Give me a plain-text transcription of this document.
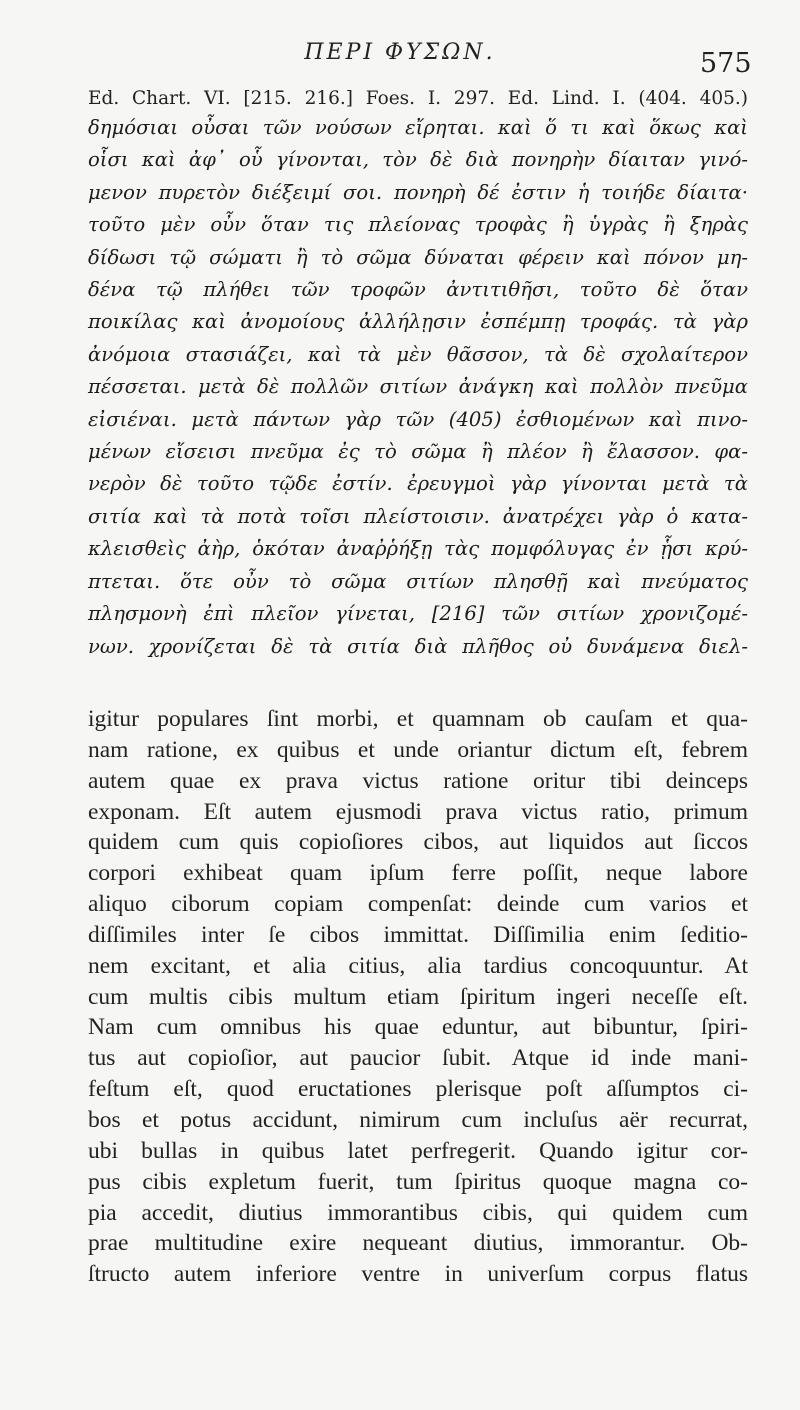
ΠΕΡΙ ΦΥΣΩΝ.	575
Ed. Chart. VI. [215. 216.] Foes. I. 297. Ed. Lind. I. (404. 405.)
δημόσιαι οὖσαι τῶν νούσων εἴρηται. καὶ ὅ τι καὶ ὅκως καὶ
οἷσι καὶ ἀφ᾽ οὗ γίνονται, τὸν δὲ διὰ πονηρὴν δίαιταν γινό-
μενον πυρετὸν διέξειμί σοι. πονηρὴ δέ ἐστιν ἡ τοιήδε δίαιτα·
τοῦτο μὲν οὖν ὅταν τις πλείονας τροφὰς ἢ ὑγρὰς ἢ ξηρὰς
δίδωσι τῷ σώματι ἢ τὸ σῶμα δύναται φέρειν καὶ πόνον μη-
δένα τῷ πλήθει τῶν τροφῶν ἀντιτιθῆσι, τοῦτο δὲ ὅταν
ποικίλας καὶ ἀνομοίους ἀλλήλῃσιν ἐσπέμπῃ τροφάς. τὰ γὰρ
ἀνόμοια στασιάζει, καὶ τὰ μὲν θᾶσσον, τὰ δὲ σχολαίτερον
πέσσεται. μετὰ δὲ πολλῶν σιτίων ἀνάγκη καὶ πολλὸν πνεῦμα
εἰσιέναι. μετὰ πάντων γὰρ τῶν (405) ἐσθιομένων καὶ πινο-
μένων εἴσεισι πνεῦμα ἐς τὸ σῶμα ἢ πλέον ἢ ἔλασσον. φα-
νερὸν δὲ τοῦτο τῷδε ἐστίν. ἐρευγμοὶ γὰρ γίνονται μετὰ τὰ
σιτία καὶ τὰ ποτὰ τοῖσι πλείστοισιν. ἀνατρέχει γὰρ ὁ κατα-
κλεισθεὶς ἀὴρ, ὁκόταν ἀναῤῥήξῃ τὰς πομφόλυγας ἐν ᾗσι κρύ-
πτεται. ὅτε οὖν τὸ σῶμα σιτίων πλησθῇ καὶ πνεύματος
πλησμονὴ ἐπὶ πλεῖον γίνεται, [216] τῶν σιτίων χρονιζομέ-
νων. χρονίζεται δὲ τὰ σιτία διὰ πλῆθος οὐ δυνάμενα διελ-
igitur populares ſint morbi, et quamnam ob cauſam et qua-
nam ratione, ex quibus et unde oriantur dictum eſt, febrem
autem quae ex prava victus ratione oritur tibi deinceps
exponam. Eſt autem ejusmodi prava victus ratio, primum
quidem cum quis copioſiores cibos, aut liquidos aut ſiccos
corpori exhibeat quam ipſum ferre poſſit, neque labore
aliquo ciborum copiam compenſat: deinde cum varios et
diſſimiles inter ſe cibos immittat. Diſſimilia enim ſeditio-
nem excitant, et alia citius, alia tardius concoquuntur. At
cum multis cibis multum etiam ſpiritum ingeri neceſſe eſt.
Nam cum omnibus his quae eduntur, aut bibuntur, ſpiri-
tus aut copioſior, aut paucior ſubit. Atque id inde mani-
feſtum eſt, quod eructationes plerisque poſt aſſumptos ci-
bos et potus accidunt, nimirum cum incluſus aër recurrat,
ubi bullas in quibus latet perfregerit. Quando igitur cor-
pus cibis expletum fuerit, tum ſpiritus quoque magna co-
pia accedit, diutius immorantibus cibis, qui quidem cum
prae multitudine exire nequeant diutius, immorantur. Ob-
ſtructo autem inferiore ventre in univerſum corpus flatus
